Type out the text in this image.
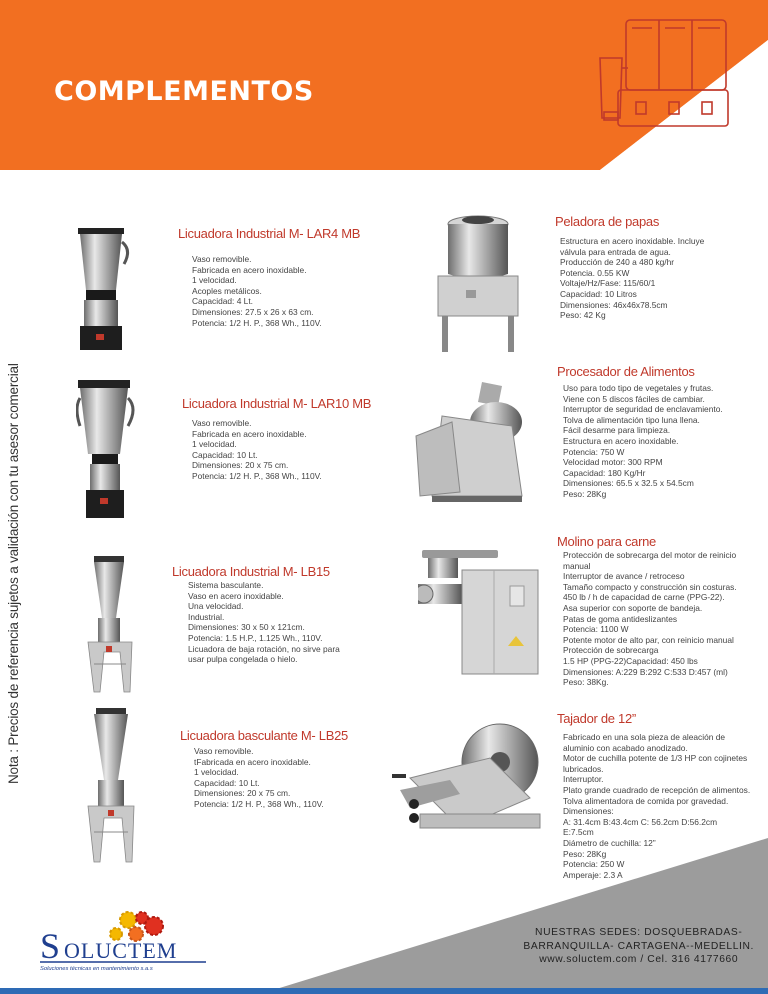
COMPLEMENTOS
Nota : Precios de referencia sujetos a validación con tu asesor comercial
Licuadora Industrial M- LAR4 MB
Vaso removible.
Fabricada en acero inoxidable.
1 velocidad.
Acoples metálicos.
Capacidad: 4 Lt.
Dimensiones: 27.5 x 26 x 63 cm.
Potencia: 1/2 H. P., 368 Wh., 110V.
Licuadora Industrial M- LAR10 MB
Vaso removible.
Fabricada en acero inoxidable.
1 velocidad.
Capacidad: 10 Lt.
Dimensiones: 20 x 75 cm.
Potencia: 1/2 H. P., 368 Wh., 110V.
Licuadora Industrial M- LB15
Sistema basculante.
Vaso en acero inoxidable.
Una velocidad.
Industrial.
Dimensiones: 30 x 50 x 121cm.
Potencia: 1.5 H.P., 1.125 Wh., 110V.
Licuadora de baja rotación, no sirve para
usar pulpa congelada o hielo.
Licuadora basculante M- LB25
Vaso removible.
tFabricada en acero inoxidable.
1 velocidad.
Capacidad: 10 Lt.
Dimensiones: 20 x 75 cm.
Potencia: 1/2 H. P., 368 Wh., 110V.
Peladora de papas
Estructura en acero inoxidable. Incluye
válvula para entrada de agua.
Producción de 240 a 480 kg/hr
Potencia. 0.55 KW
Voltaje/Hz/Fase: 115/60/1
Capacidad: 10 Litros
Dimensiones: 46x46x78.5cm
Peso: 42 Kg
Procesador de Alimentos
Uso para todo tipo de vegetales y frutas.
Viene con 5 discos fáciles de cambiar.
Interruptor de seguridad de enclavamiento.
Tolva de alimentación tipo luna llena.
Fácil desarme para limpieza.
Estructura en acero inoxidable.
Potencia: 750 W
Velocidad motor: 300 RPM
Capacidad: 180 Kg/Hr
Dimensiones: 65.5 x 32.5 x 54.5cm
Peso: 28Kg
Molino para carne
Protección de sobrecarga del motor de reinicio
manual
Interruptor de avance / retroceso
Tamaño compacto y construcción sin costuras.
450 lb / h de capacidad de carne (PPG-22).
Asa superior con soporte de bandeja.
Patas de goma antideslizantes
Potencia: 1100 W
Potente motor de alto par, con reinicio manual
Protección de sobrecarga
1.5 HP (PPG-22)Capacidad: 450 lbs
Dimensiones: A:229 B:292 C:533 D:457 (ml)
Peso: 38Kg.
Tajador de 12”
Fabricado en una sola pieza de aleación de
aluminio con acabado anodizado.
Motor de cuchilla potente de 1/3 HP con cojinetes
lubricados.
Interruptor.
Plato grande cuadrado de recepción de alimentos.
Tolva alimentadora de comida por gravedad.
Dimensiones:
A: 31.4cm B:43.4cm C: 56.2cm D:56.2cm
E:7.5cm
Diámetro de cuchilla: 12”
Peso: 28Kg
Potencia: 250 W
Amperaje: 2.3 A
NUESTRAS SEDES: DOSQUEBRADAS-
BARRANQUILLA- CARTAGENA--MEDELLIN.
www.soluctem.com / Cel. 316 4177660
S OLUCTEM
Soluciones técnicas en mantenimiento s.a.s
